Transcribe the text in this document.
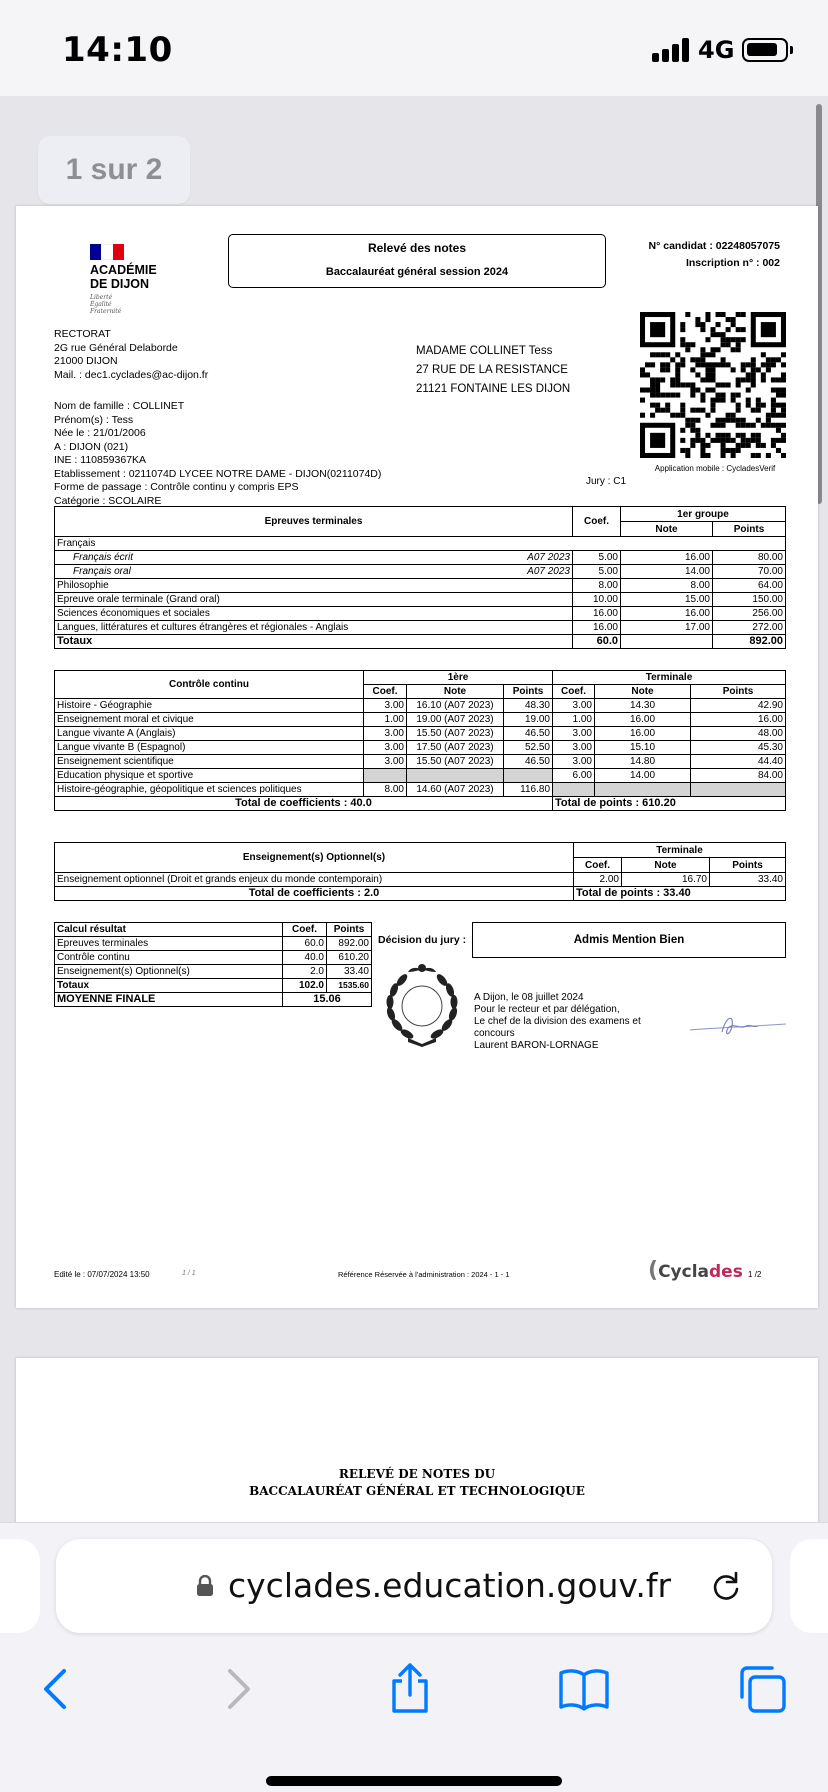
14:10	4G
ACADÉMIE
DE DIJON
Liberté
Égalité
Fraternité
Relevé des notes
Baccalauréat général session 2024
N° candidat : 02248057075
Inscription n° : 002
Application mobile : CycladesVerif
RECTORAT
2G rue Général Delaborde
21000 DIJON
Mail. : dec1.cyclades@ac-dijon.fr
MADAME COLLINET Tess
27 RUE DE LA RESISTANCE
21121 FONTAINE LES DIJON
Nom de famille : COLLINET
Prénom(s) : Tess
Née le : 21/01/2006
A : DIJON (021)
INE : 110859367KA
Etablissement : 0211074D LYCEE NOTRE DAME - DIJON(0211074D)
Forme de passage : Contrôle continu y compris EPS
Catégorie : SCOLAIRE
Jury : C1
Epreuves terminales	Coef.	1er groupe	
		Note	Points
Français			
Français écrit A07 2023	5.00	16.00	80.00
Français oral A07 2023	5.00	14.00	70.00
Philosophie	8.00	8.00	64.00
Epreuve orale terminale (Grand oral)	10.00	15.00	150.00
Sciences économiques et sociales	16.00	16.00	256.00
Langues, littératures et cultures étrangères et régionales - Anglais	16.00	17.00	272.00
Totaux	60.0		892.00
Contrôle continu	1ère			Terminale		
	Coef.	Note	Points	Coef.	Note	Points
Histoire - Géographie	3.00	16.10 (A07 2023)	48.30	3.00	14.30	42.90
Enseignement moral et civique	1.00	19.00 (A07 2023)	19.00	1.00	16.00	16.00
Langue vivante A (Anglais)	3.00	15.50 (A07 2023)	46.50	3.00	16.00	48.00
Langue vivante B (Espagnol)	3.00	17.50 (A07 2023)	52.50	3.00	15.10	45.30
Enseignement scientifique	3.00	15.50 (A07 2023)	46.50	3.00	14.80	44.40
Education physique et sportive				6.00	14.00	84.00
Histoire-géographie, géopolitique et sciences politiques	8.00	14.60 (A07 2023)	116.80			
Total de coefficients : 40.0				Total de points : 610.20		
Enseignement(s) Optionnel(s)	Terminale		
	Coef.	Note	Points
Enseignement optionnel (Droit et grands enjeux du monde contemporain)	2.00	16.70	33.40
Total de coefficients : 2.0	Total de points : 33.40		
Calcul résultat	Coef.	Points
Epreuves terminales	60.0	892.00
Contrôle continu	40.0	610.20
Enseignement(s) Optionnel(s)	2.0	33.40
Totaux	102.0	1535.60
MOYENNE FINALE	15.06	
Décision du jury :	Admis Mention Bien
A Dijon, le 08 juillet 2024
Pour le recteur et par délégation,
Le chef de la division des examens et
concours
Laurent BARON-LORNAGE
Edité le : 07/07/2024 13:50	1 / 1	Référence Réservée à l'administration : 2024 - 1 - 1	(Cyclades 1 /2
RELEVÉ DE NOTES DU
BACCALAURÉAT GÉNÉRAL ET TECHNOLOGIQUE
1 sur 2
cyclades.education.gouv.fr
